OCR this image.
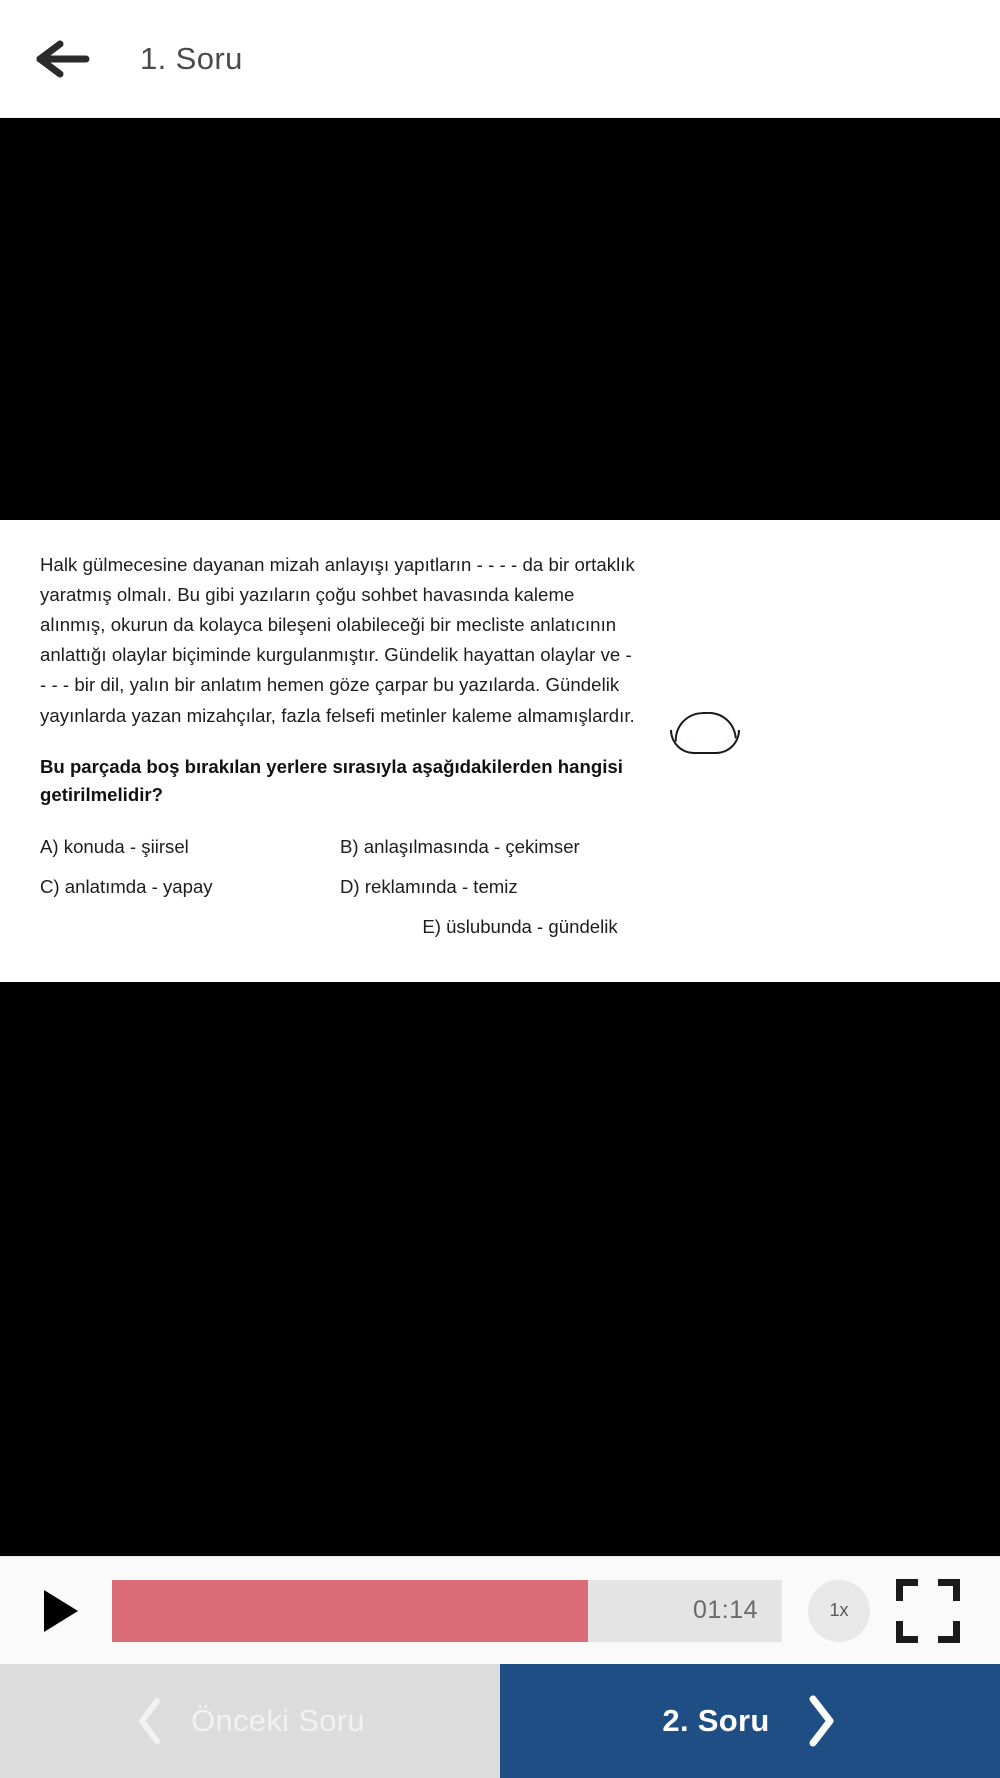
1. Soru
Halk gülmecesine dayanan mizah anlayışı yapıtların - - - - da bir ortaklık yaratmış olmalı. Bu gibi yazıların çoğu sohbet havasında kaleme alınmış, okurun da kolayca bileşeni olabileceği bir mecliste anlatıcının anlattığı olaylar biçiminde kurgulanmıştır. Gündelik hayattan olaylar ve - - - - bir dil, yalın bir anlatım hemen göze çarpar bu yazılarda. Gündelik yayınlarda yazan mizahçılar, fazla felsefi metinler kaleme almamışlardır.
Bu parçada boş bırakılan yerlere sırasıyla aşağıdakilerden hangisi getirilmelidir?
A) konuda - şiirsel	B) anlaşılmasında - çekimser
C) anlatımda - yapay	D) reklamında - temiz
E) üslubunda - gündelik
01:14	1x
Önceki Soru	2. Soru
